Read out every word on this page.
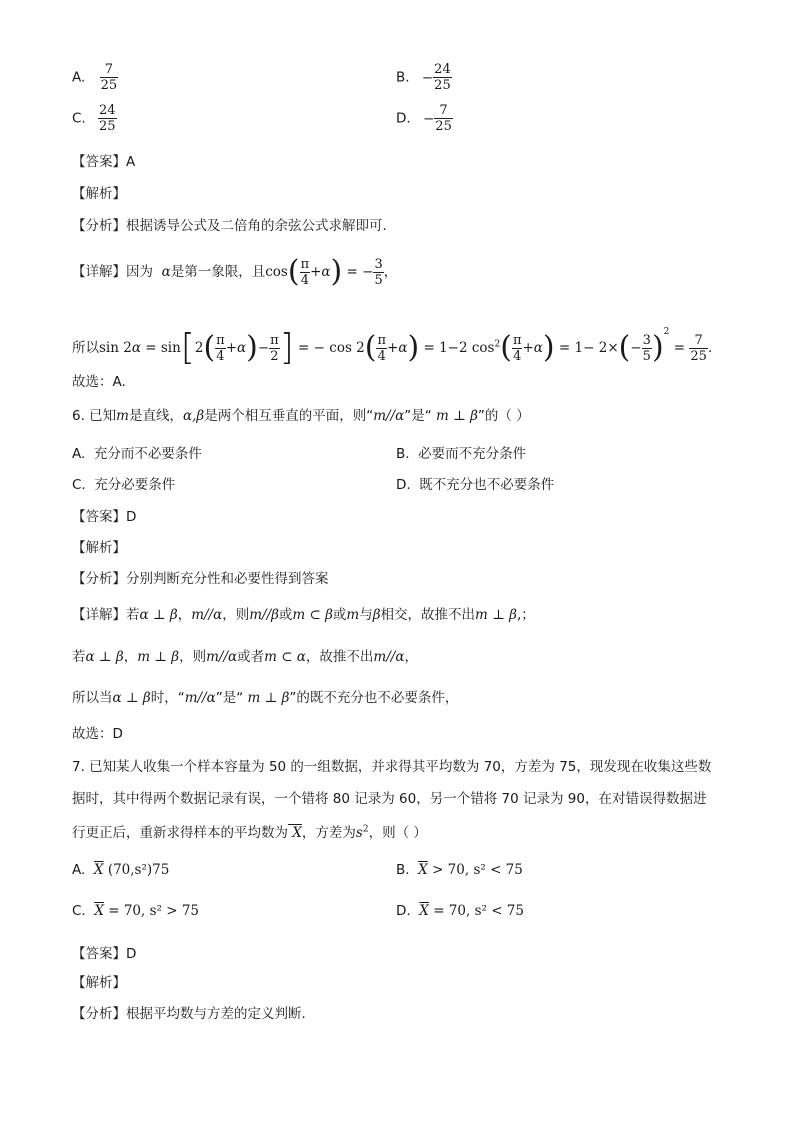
A. $\frac{7}{25}$	B. − $\frac{24}{25}$
C. $\frac{24}{25}$	D. − $\frac{7}{25}$
【答案】A
【解析】
【分析】根据诱导公式及二倍角的余弦公式求解即可.
【详解】因为  α是第一象限，且$\cos( \frac{\pi}{4} +\alpha)$ = − $\frac{3}{5}$ ，
所以$\sin 2\alpha = \sin[2( \frac{\pi}{4} +\alpha)- \frac{\pi}{2}$ ] = − $\cos 2( \frac{\pi}{4} +\alpha) = 1-2$ $\cos^2( \frac{\pi}{4} +\alpha) = 1- 2\times(- \frac{3}{5} )^2 = \frac{7}{25}$ .
故选：A.
6. 已知m是直线，α,β是两个相互垂直的平面，则“m//α”是“ m ⊥ β”的（ ）
A. 充分而不必要条件	B. 必要而不充分条件
C. 充分必要条件	D. 既不充分也不必要条件
【答案】D
【解析】
【分析】分别判断充分性和必要性得到答案
【详解】若α ⊥ β，m//α，则m//β或m ⊂ β或m与β相交，故推不出m ⊥ β,；
若α ⊥ β，m ⊥ β，则m//α或者m ⊂ α，故推不出m//α，
所以当α ⊥ β时，“m//α”是“ m ⊥ β”的既不充分也不必要条件，
故选：D
7. 已知某人收集一个样本容量为 50 的一组数据，并求得其平均数为 70，方差为 75，现发现在收集这些数
据时，其中得两个数据记录有误，一个错将 80 记录为 60，另一个错将 70 记录为 90，在对错误得数据进
行更正后，重新求得样本的平均数为 X，方差为$s^2$，则（ ）
A. $\overline{X}$ (70,s²)75	B. $\overline{X} > 70$, s² < 75
C. $\overline{X} = 70$, s² > 75	D. $\overline{X} = 70$, s² < 75
【答案】D
【解析】
【分析】根据平均数与方差的定义判断．
